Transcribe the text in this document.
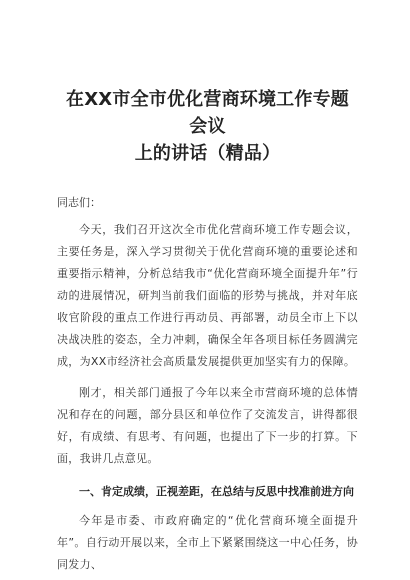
在XX市全市优化营商环境工作专题会议
上的讲话（精品）

同志们：

今天，我们召开这次全市优化营商环境工作专题会议，主要任务是，深入学习贯彻关于优化营商环境的重要论述和重要指示精神，分析总结我市“优化营商环境全面提升年”行动的进展情况，研判当前我们面临的形势与挑战，并对年底收官阶段的重点工作进行再动员、再部署，动员全市上下以决战决胜的姿态，全力冲刺，确保全年各项目标任务圆满完成，为XX市经济社会高质量发展提供更加坚实有力的保障。

刚才，相关部门通报了今年以来全市营商环境的总体情况和存在的问题，部分县区和单位作了交流发言，讲得都很好，有成绩、有思考、有问题，也提出了下一步的打算。下面，我讲几点意见。

一、肯定成绩，正视差距，在总结与反思中找准前进方向

今年是市委、市政府确定的“优化营商环境全面提升年”。自行动开展以来，全市上下紧紧围绕这一中心任务，协同发力、
